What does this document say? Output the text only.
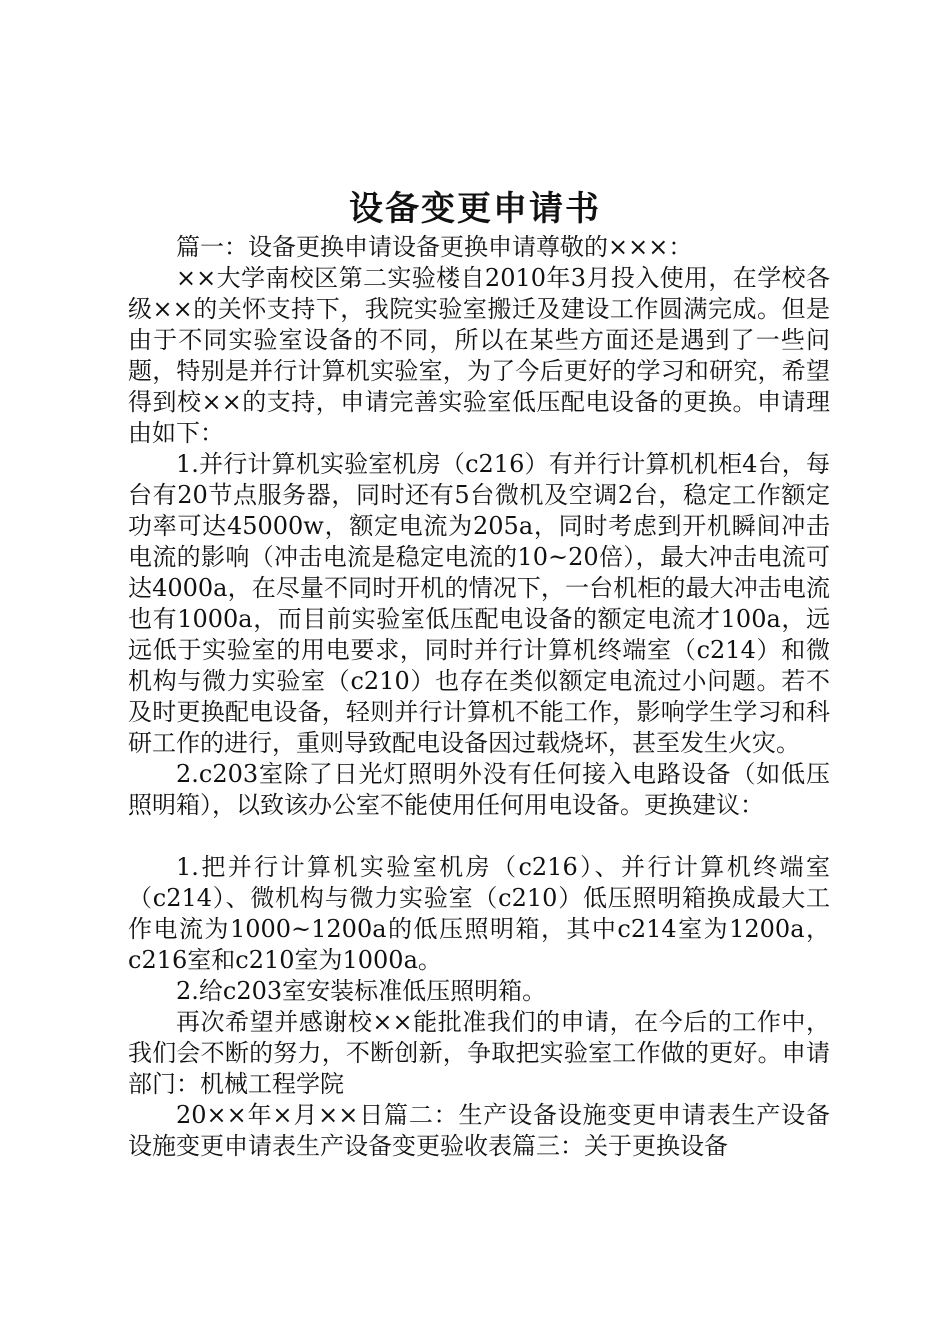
设备变更申请书

篇一：设备更换申请设备更换申请尊敬的×××：

××大学南校区第二实验楼自2010年3月投入使用，在学校各级××的关怀支持下，我院实验室搬迁及建设工作圆满完成。但是由于不同实验室设备的不同，所以在某些方面还是遇到了一些问题，特别是并行计算机实验室，为了今后更好的学习和研究，希望得到校××的支持，申请完善实验室低压配电设备的更换。申请理由如下：

1.并行计算机实验室机房（c216）有并行计算机机柜4台，每台有20节点服务器，同时还有5台微机及空调2台，稳定工作额定功率可达45000w，额定电流为205a，同时考虑到开机瞬间冲击电流的影响（冲击电流是稳定电流的10~20倍），最大冲击电流可达4000a，在尽量不同时开机的情况下，一台机柜的最大冲击电流也有1000a，而目前实验室低压配电设备的额定电流才100a，远远低于实验室的用电要求，同时并行计算机终端室（c214）和微机构与微力实验室（c210）也存在类似额定电流过小问题。若不及时更换配电设备，轻则并行计算机不能工作，影响学生学习和科研工作的进行，重则导致配电设备因过载烧坏，甚至发生火灾。

2.c203室除了日光灯照明外没有任何接入电路设备（如低压照明箱），以致该办公室不能使用任何用电设备。更换建议：

1.把并行计算机实验室机房（c216）、并行计算机终端室（c214）、微机构与微力实验室（c210）低压照明箱换成最大工作电流为1000~1200a的低压照明箱，其中c214室为1200a，c216室和c210室为1000a。

2.给c203室安装标准低压照明箱。

再次希望并感谢校××能批准我们的申请，在今后的工作中，我们会不断的努力，不断创新，争取把实验室工作做的更好。申请部门：机械工程学院

20××年×月××日篇二：生产设备设施变更申请表生产设备设施变更申请表生产设备变更验收表篇三：关于更换设备
